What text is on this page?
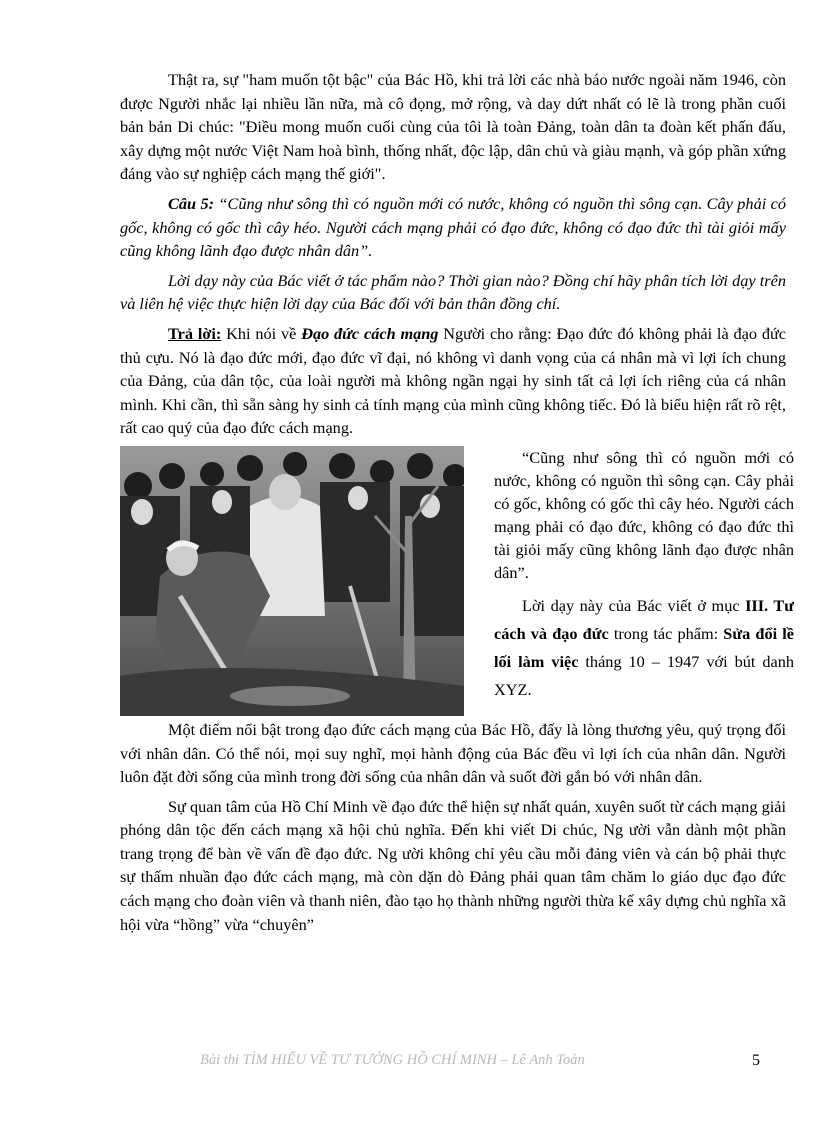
Thật ra, sự "ham muốn tột bậc" của Bác Hồ, khi trả lời các nhà báo nước ngoài năm 1946, còn được Người nhắc lại nhiều lần nữa, mà cô đọng, mở rộng, và day dứt nhất có lẽ là trong phần cuối bản bản Di chúc: "Điều mong muốn cuối cùng của tôi là toàn Đảng, toàn dân ta đoàn kết phấn đấu, xây dựng một nước Việt Nam hoà bình, thống nhất, độc lập, dân chủ và giàu mạnh, và góp phần xứng đáng vào sự nghiệp cách mạng thế giới".

Câu 5: “Cũng như sông thì có nguồn mới có nước, không có nguồn thì sông cạn. Cây phải có gốc, không có gốc thì cây héo. Người cách mạng phải có đạo đức, không có đạo đức thì tài giỏi mấy cũng không lãnh đạo được nhân dân”.

Lời dạy này của Bác viết ở tác phẩm nào? Thời gian nào? Đồng chí hãy phân tích lời dạy trên và liên hệ việc thực hiện lời dạy của Bác đối với bản thân đồng chí.

Trả lời: Khi nói về Đạo đức cách mạng Người cho rằng: Đạo đức đó không phải là đạo đức thủ cựu. Nó là đạo đức mới, đạo đức vĩ đại, nó không vì danh vọng của cá nhân mà vì lợi ích chung của Đảng, của dân tộc, của loài người mà không ngần ngại hy sinh tất cả lợi ích riêng của cá nhân mình. Khi cần, thì sẵn sàng hy sinh cả tính mạng của mình cũng không tiếc. Đó là biểu hiện rất rõ rệt, rất cao quý của đạo đức cách mạng.

“Cũng như sông thì có nguồn mới có nước, không có nguồn thì sông cạn. Cây phải có gốc, không có gốc thì cây héo. Người cách mạng phải có đạo đức, không có đạo đức thì tài giỏi mấy cũng không lãnh đạo được nhân dân”.

Lời dạy này của Bác viết ở mục III. Tư cách và đạo đức trong tác phẩm: Sửa đổi lề lối làm việc tháng 10 – 1947 với bút danh XYZ.

Một điểm nổi bật trong đạo đức cách mạng của Bác Hồ, đấy là lòng thương yêu, quý trọng đối với nhân dân. Có thể nói, mọi suy nghĩ, mọi hành động của Bác đều vì lợi ích của nhân dân. Người luôn đặt đời sống của mình trong đời sống của nhân dân và suốt đời gắn bó với nhân dân.

Sự quan tâm của Hồ Chí Minh về đạo đức thể hiện sự nhất quán, xuyên suốt từ cách mạng giải phóng dân tộc đến cách mạng xã hội chủ nghĩa. Đến khi viết Di chúc, Ng ười vẫn dành một phần trang trọng để bàn về vấn đề đạo đức. Ng ười không chỉ yêu cầu mỗi đảng viên và cán bộ phải thực sự thấm nhuần đạo đức cách mạng, mà còn dặn dò Đảng phải quan tâm chăm lo giáo dục đạo đức cách mạng cho đoàn viên và thanh niên, đào tạo họ thành những người thừa kế xây dựng chủ nghĩa xã hội vừa “hồng” vừa “chuyên”

Bài thi TÌM HIỂU VỀ TƯ TƯỞNG HỒ CHÍ MINH – Lê Anh Toàn	5
